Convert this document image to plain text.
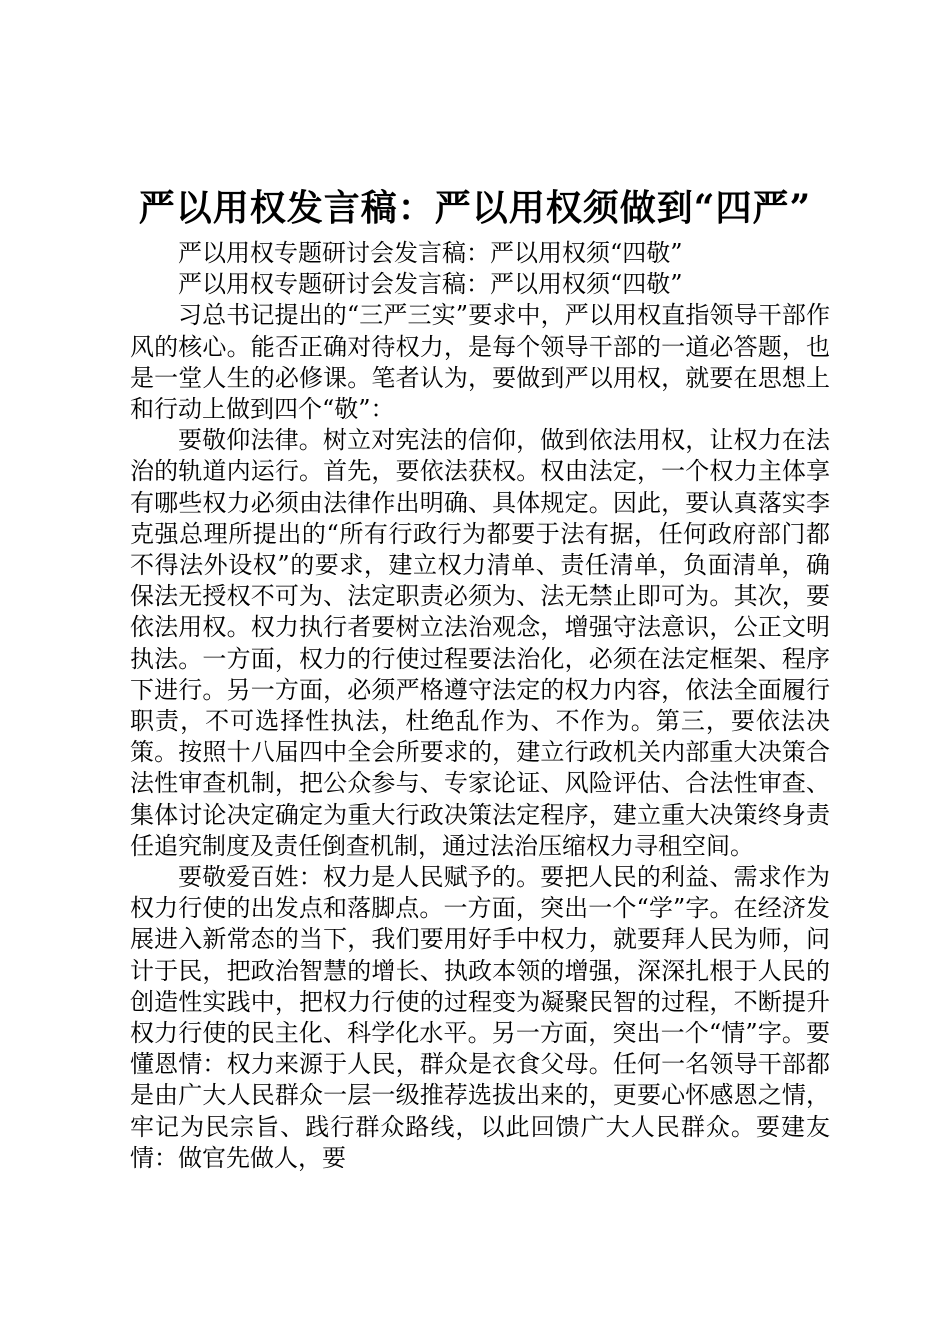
严以用权发言稿：严以用权须做到“四严”

严以用权专题研讨会发言稿：严以用权须“四敬”

严以用权专题研讨会发言稿：严以用权须“四敬”

习总书记提出的“三严三实”要求中，严以用权直指领导干部作风的核心。能否正确对待权力，是每个领导干部的一道必答题，也是一堂人生的必修课。笔者认为，要做到严以用权，就要在思想上和行动上做到四个“敬”：

要敬仰法律。树立对宪法的信仰，做到依法用权，让权力在法治的轨道内运行。首先，要依法获权。权由法定，一个权力主体享有哪些权力必须由法律作出明确、具体规定。因此，要认真落实李克强总理所提出的“所有行政行为都要于法有据，任何政府部门都不得法外设权”的要求，建立权力清单、责任清单，负面清单，确保法无授权不可为、法定职责必须为、法无禁止即可为。其次，要依法用权。权力执行者要树立法治观念，增强守法意识，公正文明执法。一方面，权力的行使过程要法治化，必须在法定框架、程序下进行。另一方面，必须严格遵守法定的权力内容，依法全面履行职责，不可选择性执法，杜绝乱作为、不作为。第三，要依法决策。按照十八届四中全会所要求的，建立行政机关内部重大决策合法性审查机制，把公众参与、专家论证、风险评估、合法性审查、集体讨论决定确定为重大行政决策法定程序，建立重大决策终身责任追究制度及责任倒查机制，通过法治压缩权力寻租空间。

要敬爱百姓：权力是人民赋予的。要把人民的利益、需求作为权力行使的出发点和落脚点。一方面，突出一个“学”字。在经济发展进入新常态的当下，我们要用好手中权力，就要拜人民为师，问计于民，把政治智慧的增长、执政本领的增强，深深扎根于人民的创造性实践中，把权力行使的过程变为凝聚民智的过程，不断提升权力行使的民主化、科学化水平。另一方面，突出一个“情”字。要懂恩情：权力来源于人民，群众是衣食父母。任何一名领导干部都是由广大人民群众一层一级推荐选拔出来的，更要心怀感恩之情，牢记为民宗旨、践行群众路线，以此回馈广大人民群众。要建友情：做官先做人，要
